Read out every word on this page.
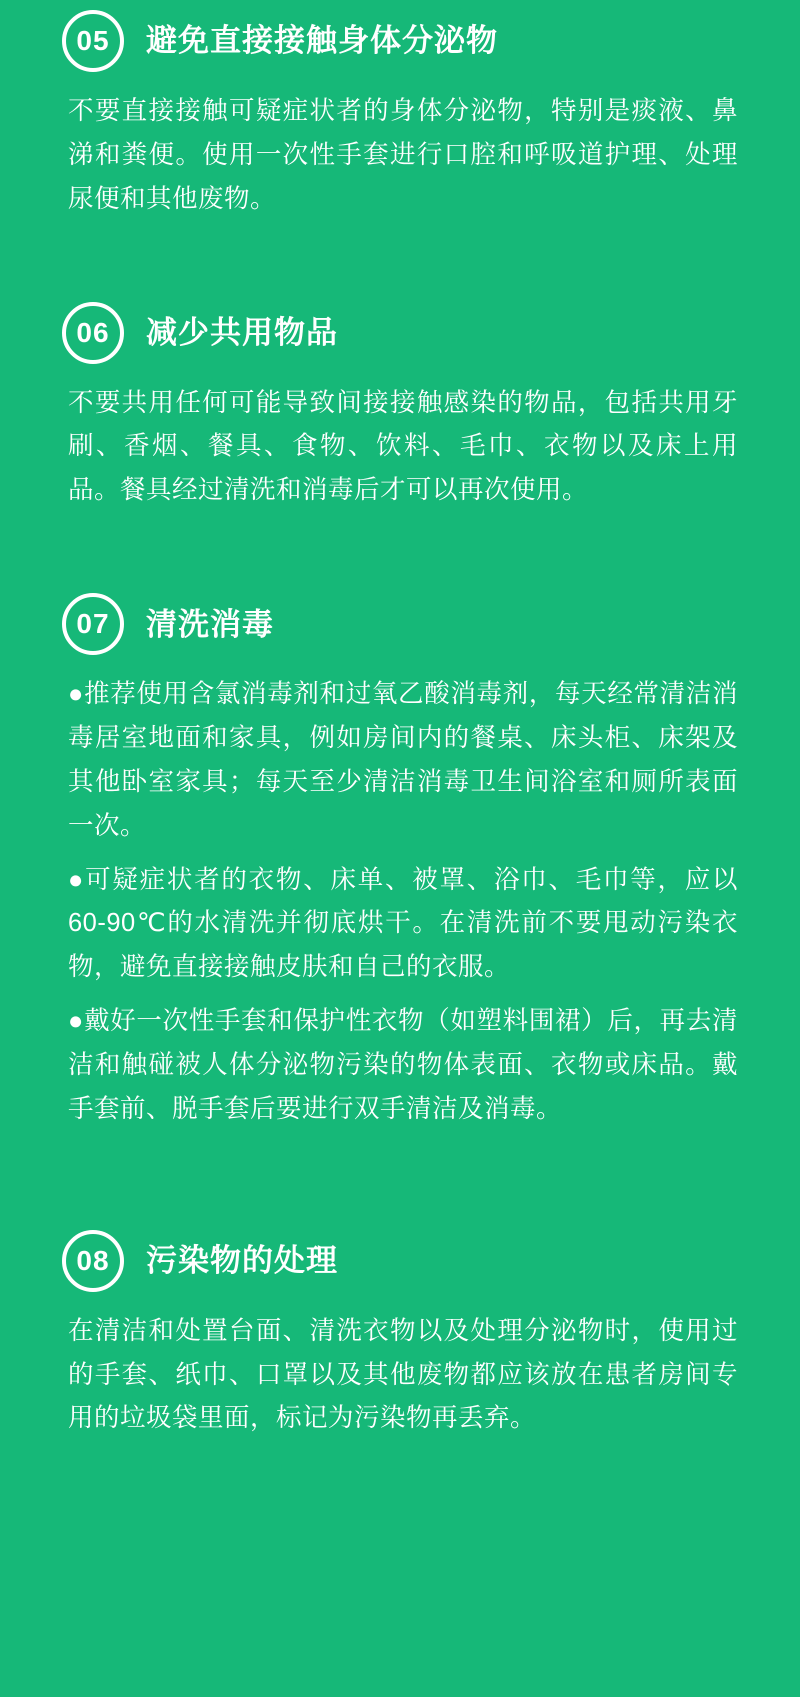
05	避免直接接触身体分泌物

不要直接接触可疑症状者的身体分泌物，特别是痰液、鼻涕和粪便。使用一次性手套进行口腔和呼吸道护理、处理尿便和其他废物。

06	减少共用物品

不要共用任何可能导致间接接触感染的物品，包括共用牙刷、香烟、餐具、食物、饮料、毛巾、衣物以及床上用品。餐具经过清洗和消毒后才可以再次使用。

07	清洗消毒

●推荐使用含氯消毒剂和过氧乙酸消毒剂，每天经常清洁消毒居室地面和家具，例如房间内的餐桌、床头柜、床架及其他卧室家具；每天至少清洁消毒卫生间浴室和厕所表面一次。

●可疑症状者的衣物、床单、被罩、浴巾、毛巾等，应以60-90℃的水清洗并彻底烘干。在清洗前不要甩动污染衣物，避免直接接触皮肤和自己的衣服。

●戴好一次性手套和保护性衣物（如塑料围裙）后，再去清洁和触碰被人体分泌物污染的物体表面、衣物或床品。戴手套前、脱手套后要进行双手清洁及消毒。

08	污染物的处理

在清洁和处置台面、清洗衣物以及处理分泌物时，使用过的手套、纸巾、口罩以及其他废物都应该放在患者房间专用的垃圾袋里面，标记为污染物再丢弃。
